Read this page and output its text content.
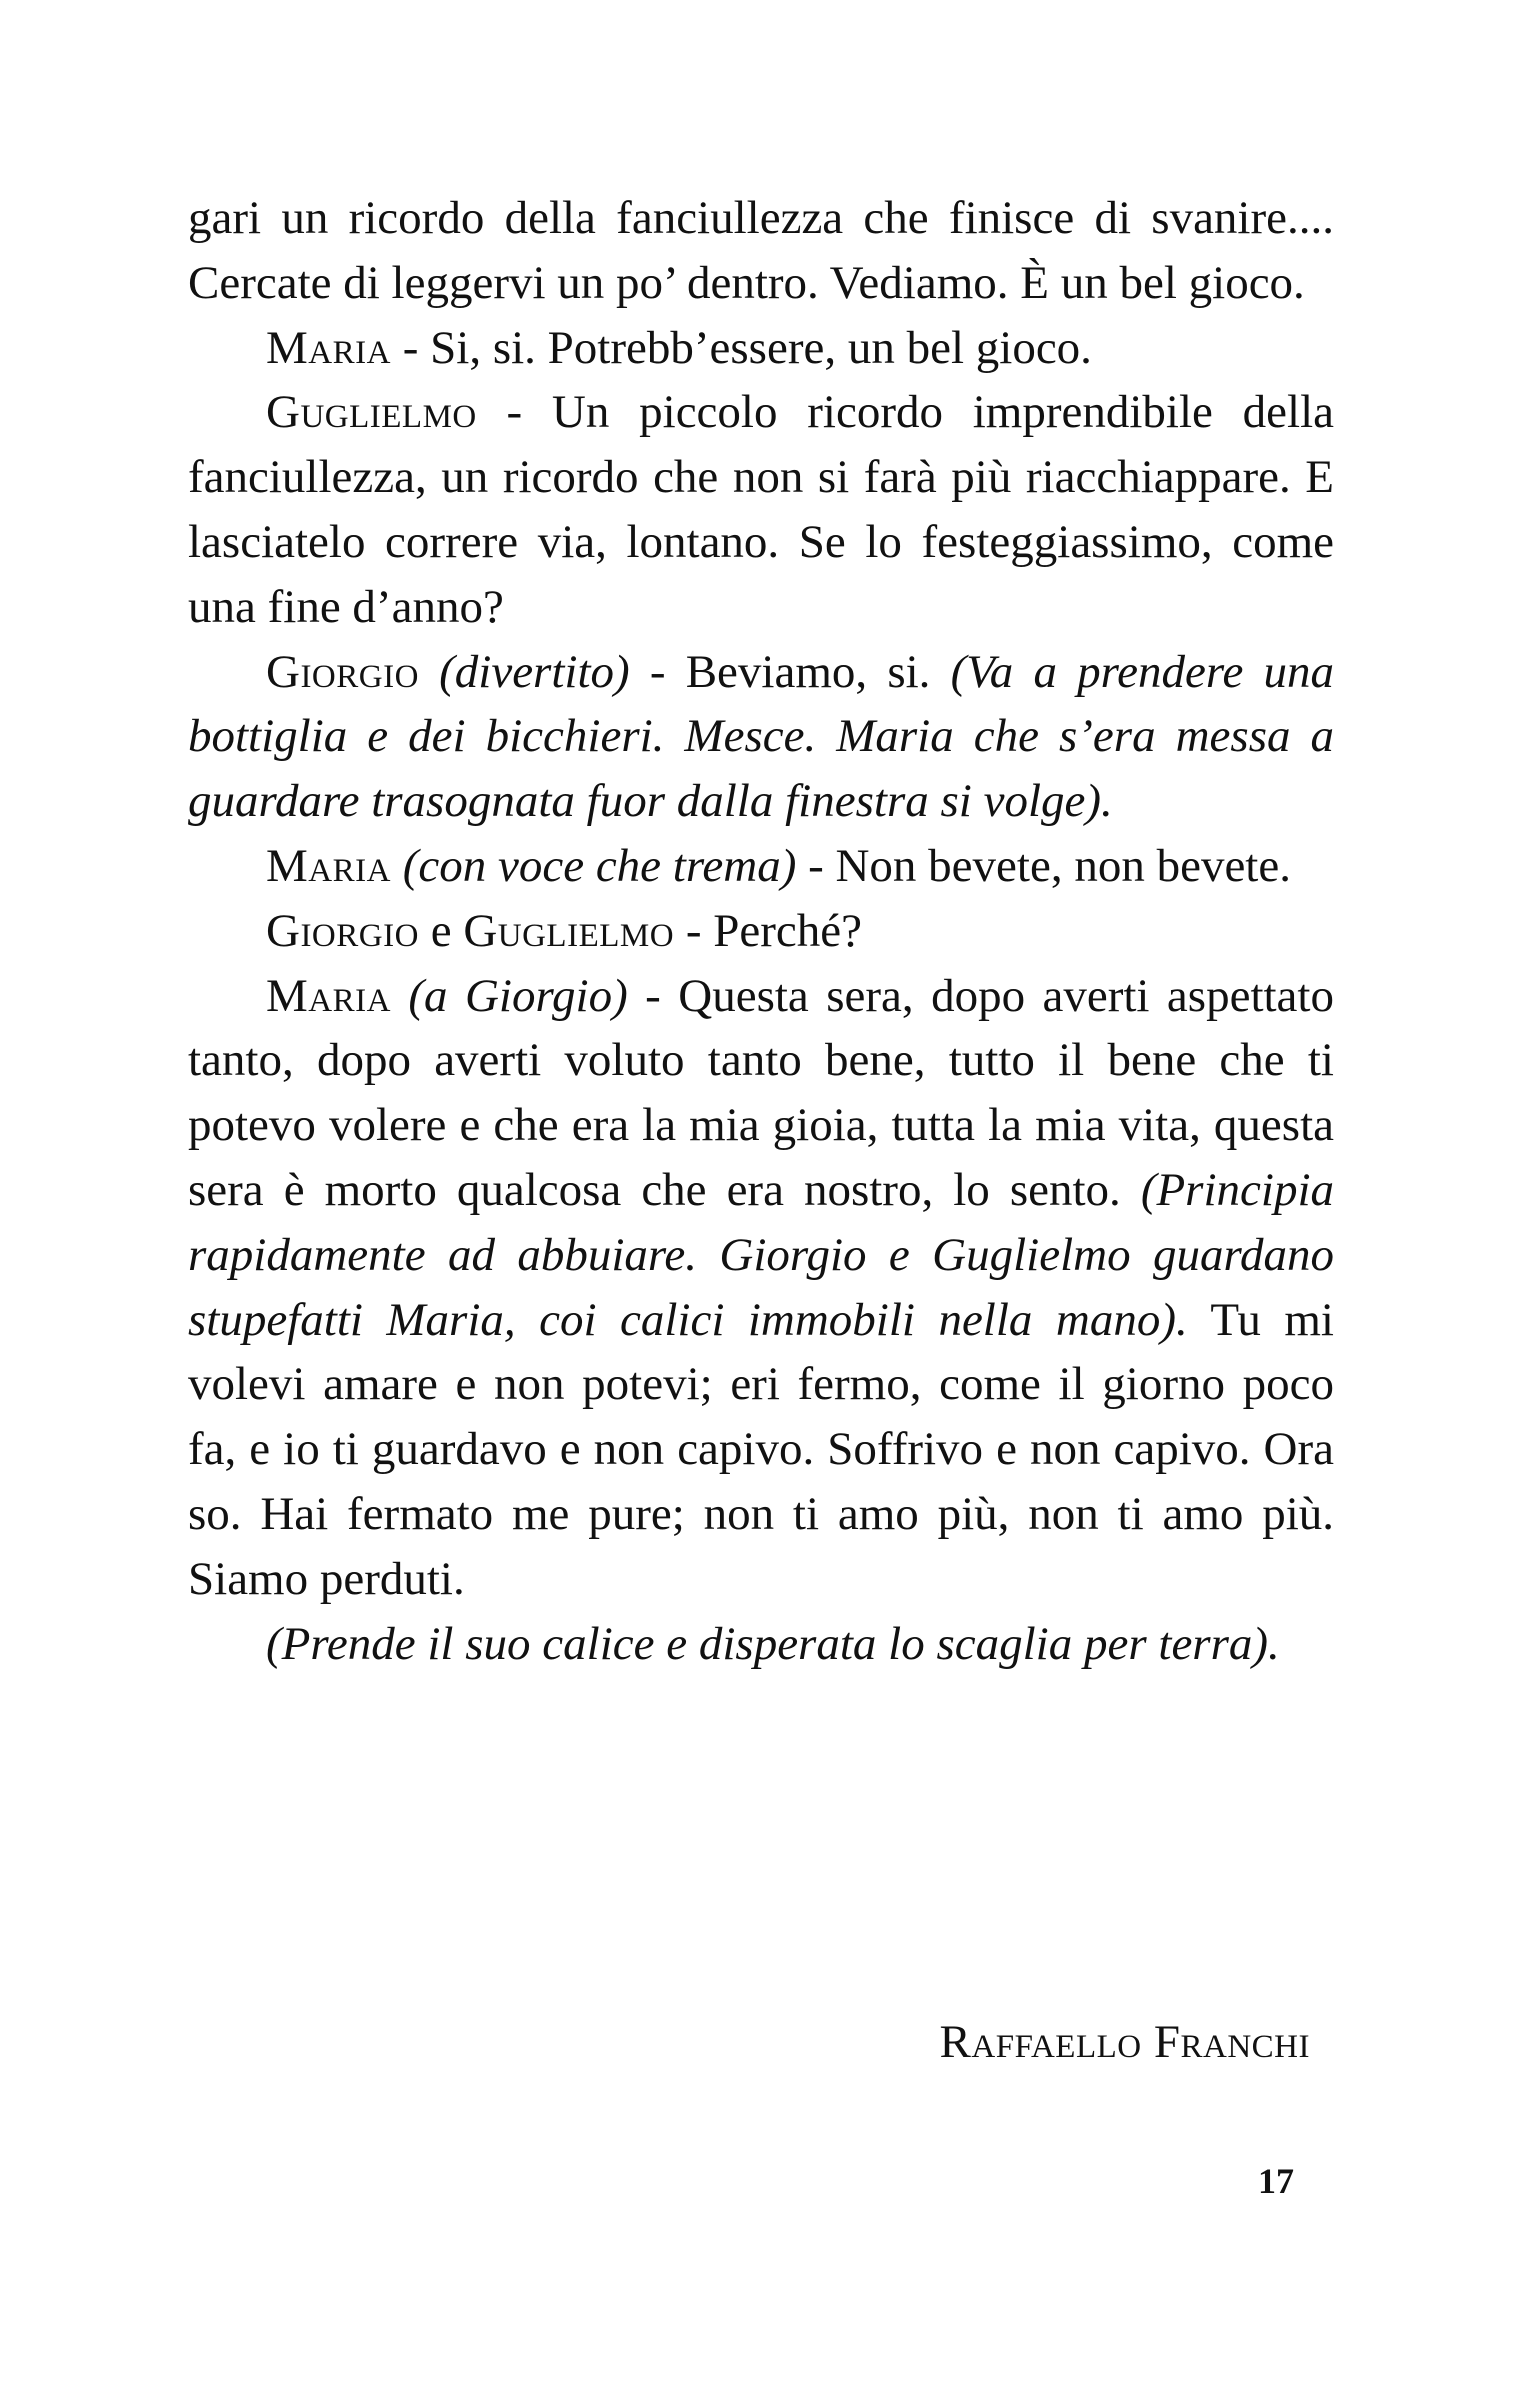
gari un ricordo della fanciullezza che finisce di svanire.... Cercate di leggervi un po’ dentro. Vediamo. È un bel gioco.

Maria - Si, si. Potrebb’essere, un bel gioco.

Guglielmo - Un piccolo ricordo imprendibile della fanciullezza, un ricordo che non si farà più riacchiappare. E lasciatelo correre via, lontano. Se lo festeggiassimo, come una fine d’anno?

Giorgio (divertito) - Beviamo, si. (Va a prendere una bottiglia e dei bicchieri. Mesce. Maria che s’era messa a guardare trasognata fuor dalla finestra si volge).

Maria (con voce che trema) - Non bevete, non bevete.

Giorgio e Guglielmo - Perché?

Maria (a Giorgio) - Questa sera, dopo averti aspettato tanto, dopo averti voluto tanto bene, tutto il bene che ti potevo volere e che era la mia gioia, tutta la mia vita, questa sera è morto qualcosa che era nostro, lo sento. (Principia rapidamente ad abbuiare. Giorgio e Guglielmo guardano stupefatti Maria, coi calici immobili nella mano). Tu mi volevi amare e non potevi; eri fermo, come il giorno poco fa, e io ti guardavo e non capivo. Soffrivo e non capivo. Ora so. Hai fermato me pure; non ti amo più, non ti amo più. Siamo perduti.

(Prende il suo calice e disperata lo scaglia per terra).

Raffaello Franchi
17
